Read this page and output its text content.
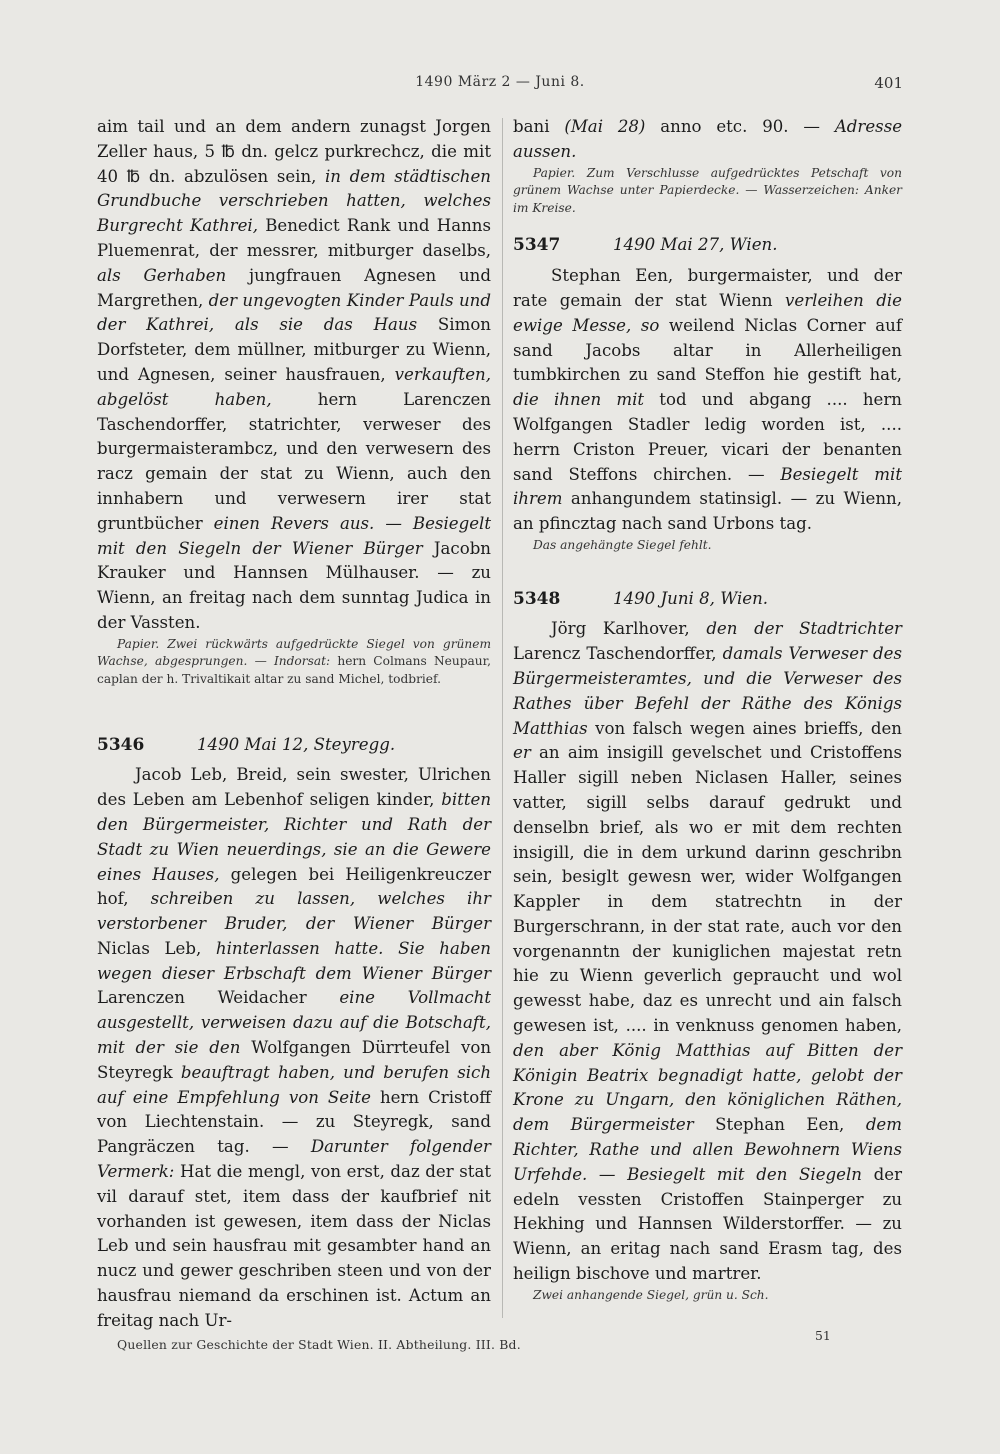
1490 März 2 — Juni 8.	401

aim tail und an dem andern zunagst Jorgen Zeller haus, 5 ℔ dn. gelcz purkrechcz, die mit 40 ℔ dn. abzulösen sein, in dem städtischen Grundbuche verschrieben hatten, welches Burgrecht Kathrei, Benedict Rank und Hanns Pluemenrat, der messrer, mitburger daselbs, als Gerhaben jungfrauen Agnesen und Margrethen, der ungevogten Kinder Pauls und der Kathrei, als sie das Haus Simon Dorfsteter, dem müllner, mitburger zu Wienn, und Agnesen, seiner hausfrauen, verkauften, abgelöst haben,	hern Larenczen Taschendorffer, statrichter, verweser des burgermaisterambcz, und den verwesern des racz gemain der stat zu Wienn, auch den innhabern und verwesern irer stat gruntbücher einen Revers aus. — Besiegelt mit den Siegeln der Wiener Bürger Jacobn Krauker und Hannsen Mülhauser. — zu Wienn, an freitag nach dem sunntag Judica in der Vassten.

Papier. Zwei rückwärts aufgedrückte Siegel von grünem Wachse, abgesprungen. — Indorsat: hern Colmans Neupaur, caplan der h. Trivaltikait altar zu sand Michel, todbrief.

5346	1490 Mai 12, Steyregg.

Jacob Leb, Breid, sein swester, Ulrichen des Leben am Lebenhof seligen kinder, bitten den Bürgermeister, Richter und Rath der Stadt zu Wien neuerdings, sie an die Gewere eines Hauses, gelegen bei Heiligenkreuczer hof, schreiben zu lassen, welches ihr verstorbener Bruder, der Wiener Bürger Niclas Leb, hinterlassen hatte. Sie haben wegen dieser Erbschaft dem Wiener Bürger Larenczen Weidacher eine Vollmacht ausgestellt, verweisen dazu auf die Botschaft, mit der sie den Wolfgangen Dürrteufel von Steyregk beauftragt haben, und berufen sich auf eine Empfehlung von Seite hern Cristoff von Liechtenstain. — zu Steyregk, sand Pangräczen tag. — Darunter folgender Vermerk: Hat die mengl, von erst, daz der stat vil darauf stet, item dass der kaufbrief nit vorhanden ist gewesen, item dass der Niclas Leb und sein hausfrau mit gesambter hand an nucz und gewer geschriben steen und von der hausfrau niemand da erschinen ist. Actum an freitag nach Ur-

bani (Mai 28) anno etc. 90. — Adresse aussen.

Papier. Zum Verschlusse aufgedrücktes Petschaft von grünem Wachse unter Papierdecke. — Wasserzeichen: Anker im Kreise.

5347	1490 Mai 27, Wien.

Stephan Een, burgermaister, und der rate gemain der stat Wienn verleihen die ewige Messe, so weilend Niclas Corner auf sand Jacobs altar in Allerheiligen tumbkirchen zu sand Steffon hie gestift hat, die ihnen mit tod und abgang .... hern Wolfgangen Stadler ledig worden ist, .... herrn Criston Preuer, vicari der benanten sand Steffons chirchen. — Besiegelt mit ihrem anhangundem statinsigl. — zu Wienn, an pfincztag nach sand Urbons tag.

Das angehängte Siegel fehlt.

5348	1490 Juni 8, Wien.

Jörg Karlhover, den der Stadtrichter Larencz Taschendorffer, damals Verweser des Bürgermeisteramtes, und die Verweser des Rathes über Befehl der Räthe des Königs Matthias von falsch wegen aines brieffs, den er an aim insigill gevelschet und Cristoffens Haller sigill neben Niclasen Haller, seines vatter, sigill selbs darauf gedrukt und denselbn brief, als wo er mit dem rechten insigill, die in dem urkund darinn geschribn sein, besiglt gewesn wer, wider Wolfgangen Kappler in dem statrechtn in der Burgerschrann, in der stat rate, auch vor den vorgenanntn der kuniglichen majestat retn hie zu Wienn geverlich gepraucht und wol gewesst habe, daz es unrecht und ain falsch gewesen ist, .... in venknuss genomen haben, den aber König Matthias auf Bitten der Königin Beatrix begnadigt hatte, gelobt der Krone zu Ungarn, den königlichen Räthen, dem Bürgermeister Stephan Een, dem Richter, Rathe und allen Bewohnern Wiens Urfehde. — Besiegelt mit den Siegeln der edeln vessten Cristoffen Stainperger zu Hekhing und Hannsen Wilderstorffer. — zu Wienn, an eritag nach sand Erasm tag, des heilign bischove und martrer.

Zwei anhangende Siegel, grün u. Sch.

Quellen zur Geschichte der Stadt Wien. II. Abtheilung. III. Bd.
51
